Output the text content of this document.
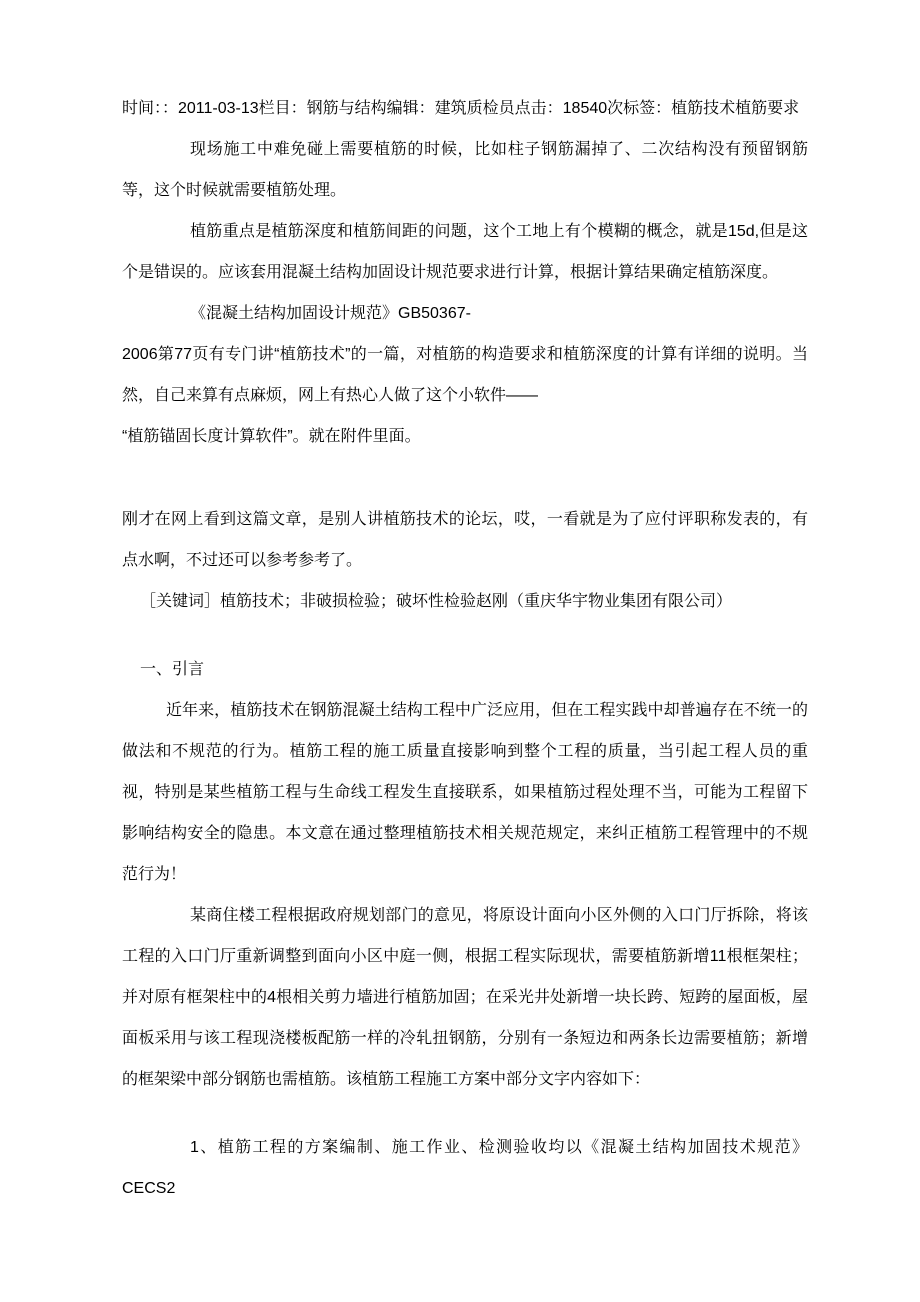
时间：：2011-03-13栏目：钢筋与结构编辑：建筑质检员点击：18540次标签：植筋技术植筋要求

现场施工中难免碰上需要植筋的时候，比如柱子钢筋漏掉了、二次结构没有预留钢筋等，这个时候就需要植筋处理。

植筋重点是植筋深度和植筋间距的问题，这个工地上有个模糊的概念，就是15d,但是这个是错误的。应该套用混凝土结构加固设计规范要求进行计算，根据计算结果确定植筋深度。

《混凝土结构加固设计规范》GB50367-

2006第77页有专门讲“植筋技术”的一篇，对植筋的构造要求和植筋深度的计算有详细的说明。当然，自己来算有点麻烦，网上有热心人做了这个小软件——

“植筋锚固长度计算软件”。就在附件里面。

刚才在网上看到这篇文章，是别人讲植筋技术的论坛，哎，一看就是为了应付评职称发表的，有点水啊，不过还可以参考参考了。

［关键词］植筋技术；非破损检验；破坏性检验赵刚（重庆华宇物业集团有限公司）

一、引言

近年来，植筋技术在钢筋混凝土结构工程中广泛应用，但在工程实践中却普遍存在不统一的做法和不规范的行为。植筋工程的施工质量直接影响到整个工程的质量，当引起工程人员的重视，特别是某些植筋工程与生命线工程发生直接联系，如果植筋过程处理不当，可能为工程留下影响结构安全的隐患。本文意在通过整理植筋技术相关规范规定，来纠正植筋工程管理中的不规范行为！

某商住楼工程根据政府规划部门的意见，将原设计面向小区外侧的入口门厅拆除，将该工程的入口门厅重新调整到面向小区中庭一侧，根据工程实际现状，需要植筋新增11根框架柱；并对原有框架柱中的4根相关剪力墙进行植筋加固；在采光井处新增一块长跨、短跨的屋面板，屋面板采用与该工程现浇楼板配筋一样的冷轧扭钢筋，分别有一条短边和两条长边需要植筋；新增的框架梁中部分钢筋也需植筋。该植筋工程施工方案中部分文字内容如下：

1、植筋工程的方案编制、施工作业、检测验收均以《混凝土结构加固技术规范》CECS2
